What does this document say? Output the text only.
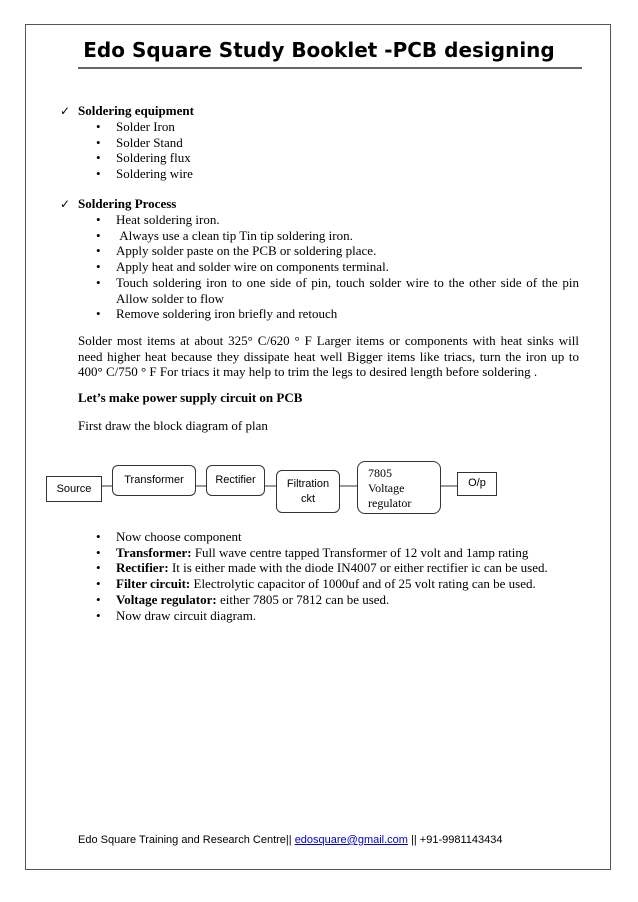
Edo Square Study Booklet -PCB designing
✓ Soldering equipment
• Solder Iron
• Solder Stand
• Soldering flux
• Soldering wire
✓ Soldering Process
• Heat soldering iron.
• Always use a clean tip Tin tip soldering iron.
• Apply solder paste on the PCB or soldering place.
• Apply heat and solder wire on components terminal.
• Touch soldering iron to one side of pin, touch solder wire to the other side of the pin Allow solder to flow
• Remove soldering iron briefly and retouch
Solder most items at about 325° C/620 ° F Larger items or components with heat sinks will need higher heat because they dissipate heat well Bigger items like triacs, turn the iron up to 400° C/750 ° F For triacs it may help to trim the legs to desired length before soldering .
Let’s make power supply circuit on PCB
First draw the block diagram of plan
Source
Transformer	Rectifier	Filtration
ckt
7805
Voltage
regulator
O/p
• Now choose component
• Transformer: Full wave centre tapped Transformer of 12 volt and 1amp rating
• Rectifier: It is either made with the diode IN4007 or either rectifier ic can be used.
• Filter circuit: Electrolytic capacitor of 1000uf and of 25 volt rating can be used.
• Voltage regulator: either 7805 or 7812 can be used.
• Now draw circuit diagram.
Edo Square Training and Research Centre|| edosquare@gmail.com || +91-9981143434
